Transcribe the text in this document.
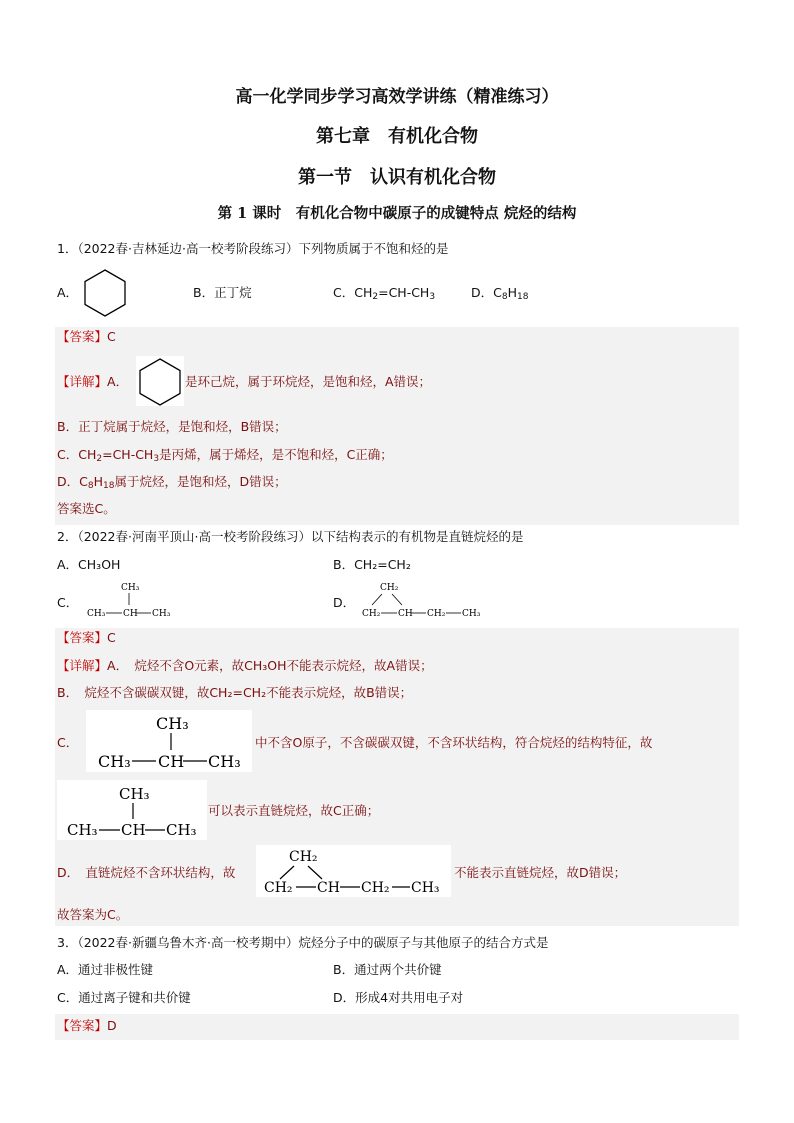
高一化学同步学习高效学讲练（精准练习）
第七章　有机化合物
第一节　认识有机化合物
第 1 课时　有机化合物中碳原子的成键特点 烷烃的结构
1．（2022春·吉林延边·高一校考阶段练习）下列物质属于不饱和烃的是
A．	B．正丁烷	C．$CH_2=CH-CH_3$	D．$C_8H_{18}$
【答案】C
【详解】A．	是环己烷，属于环烷烃，是饱和烃，A错误；
B．正丁烷属于烷烃，是饱和烃，B错误；
C．$CH_2=CH-CH_3$是丙烯，属于烯烃，是不饱和烃，C正确；
D．$C_8H_{18}$属于烷烃，是饱和烃，D错误；
答案选C。
2．（2022春·河南平顶山·高一校考阶段练习）以下结构表示的有机物是直链烷烃的是
A．CH₃OH	B．CH₂=CH₂
C．
CH₃
CH₃ CH CH₃
D．
CH₂
CH₂ CH CH₂ CH₃
【答案】C
【详解】A．　烷烃不含O元素，故CH₃OH不能表示烷烃，故A错误；
B．　烷烃不含碳碳双键，故CH₂=CH₂不能表示烷烃，故B错误；
C．
CH₃
CH₃ CH CH₃
中不含O原子，不含碳碳双键，不含环状结构，符合烷烃的结构特征，故
CH₃
CH₃ CH CH₃
可以表示直链烷烃，故C正确；
D．　直链烷烃不含环状结构，故
CH₂
CH₂ CH CH₂ CH₃
不能表示直链烷烃，故D错误；
故答案为C。
3．（2022春·新疆乌鲁木齐·高一校考期中）烷烃分子中的碳原子与其他原子的结合方式是
A．通过非极性键	B．通过两个共价键
C．通过离子键和共价键	D．形成4对共用电子对
【答案】D
